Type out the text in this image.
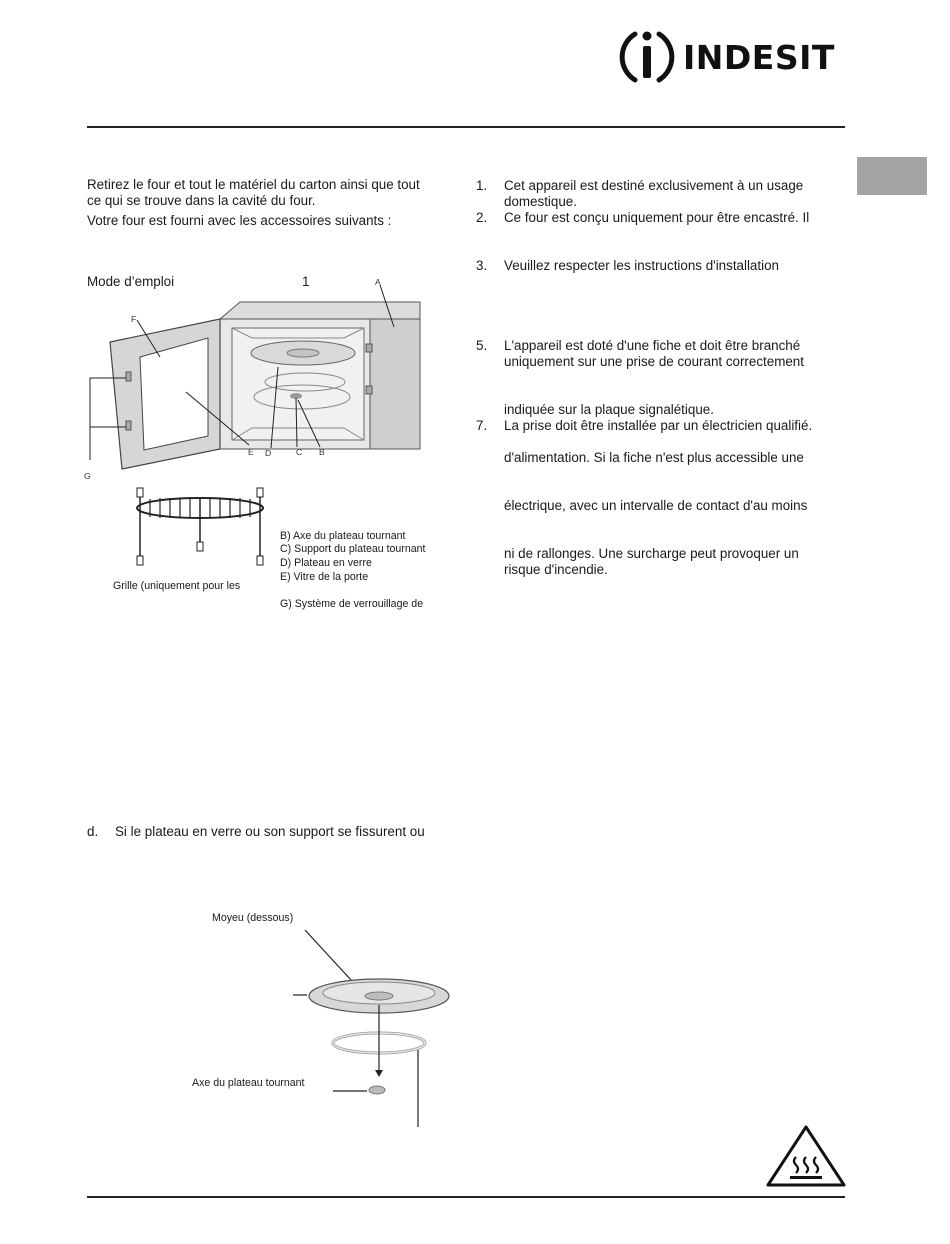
INDESIT
Retirez le four et tout le matériel du carton ainsi que tout
ce qui se trouve dans la cavité du four.
Votre four est fourni avec les accessoires suivants :
Mode d’emploi	1	A
F
E D	C B
G
B) Axe du plateau tournant
C) Support du plateau tournant
D) Plateau en verre
E) Vitre de la porte
Grille (uniquement pour les
G) Système de verrouillage de
d. Si le plateau en verre ou son support se fissurent ou
Moyeu (dessous)
Axe du plateau tournant
1. Cet appareil est destiné exclusivement à un usage
domestique.
2. Ce four est conçu uniquement pour être encastré. Il
3. Veuillez respecter les instructions d'installation
5. L'appareil est doté d'une fiche et doit être branché
uniquement sur une prise de courant correctement
indiquée sur la plaque signalétique.
7. La prise doit être installée par un électricien qualifié.
d'alimentation. Si la fiche n'est plus accessible une
électrique, avec un intervalle de contact d'au moins
ni de rallonges. Une surcharge peut provoquer un
risque d'incendie.
